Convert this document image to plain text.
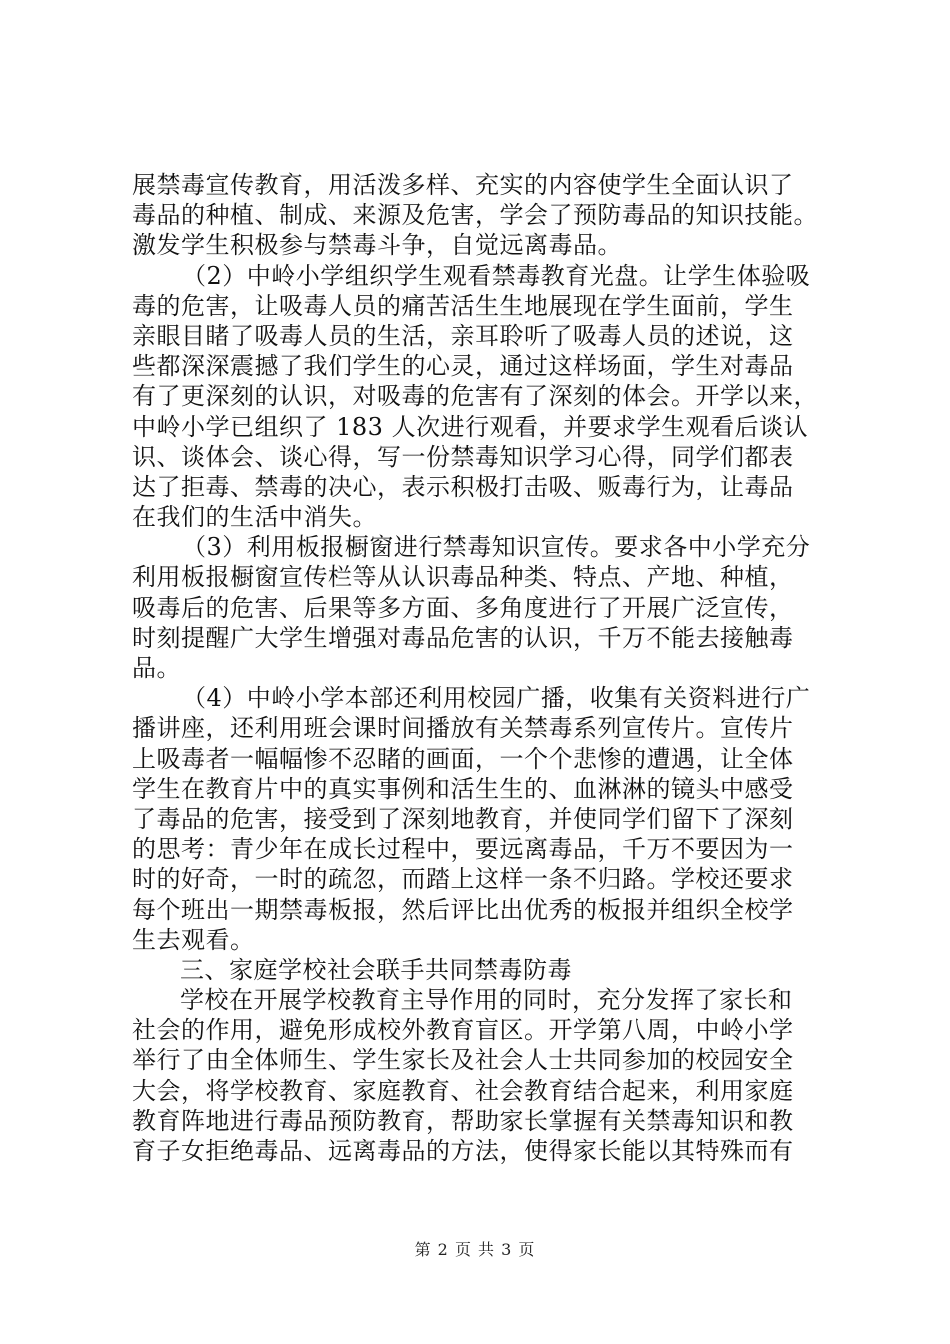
展禁毒宣传教育，用活泼多样、充实的内容使学生全面认识了
毒品的种植、制成、来源及危害，学会了预防毒品的知识技能。
激发学生积极参与禁毒斗争，自觉远离毒品。
（2）中岭小学组织学生观看禁毒教育光盘。让学生体验吸
毒的危害，让吸毒人员的痛苦活生生地展现在学生面前，学生
亲眼目睹了吸毒人员的生活，亲耳聆听了吸毒人员的述说，这
些都深深震撼了我们学生的心灵，通过这样场面，学生对毒品
有了更深刻的认识，对吸毒的危害有了深刻的体会。开学以来，
中岭小学已组织了 183 人次进行观看，并要求学生观看后谈认
识、谈体会、谈心得，写一份禁毒知识学习心得，同学们都表
达了拒毒、禁毒的决心，表示积极打击吸、贩毒行为，让毒品
在我们的生活中消失。
（3）利用板报橱窗进行禁毒知识宣传。要求各中小学充分
利用板报橱窗宣传栏等从认识毒品种类、特点、产地、种植，
吸毒后的危害、后果等多方面、多角度进行了开展广泛宣传，
时刻提醒广大学生增强对毒品危害的认识，千万不能去接触毒
品。
（4）中岭小学本部还利用校园广播，收集有关资料进行广
播讲座，还利用班会课时间播放有关禁毒系列宣传片。宣传片
上吸毒者一幅幅惨不忍睹的画面，一个个悲惨的遭遇，让全体
学生在教育片中的真实事例和活生生的、血淋淋的镜头中感受
了毒品的危害，接受到了深刻地教育，并使同学们留下了深刻
的思考：青少年在成长过程中，要远离毒品，千万不要因为一
时的好奇，一时的疏忽，而踏上这样一条不归路。学校还要求
每个班出一期禁毒板报，然后评比出优秀的板报并组织全校学
生去观看。
三、家庭学校社会联手共同禁毒防毒
学校在开展学校教育主导作用的同时，充分发挥了家长和
社会的作用，避免形成校外教育盲区。开学第八周，中岭小学
举行了由全体师生、学生家长及社会人士共同参加的校园安全
大会，将学校教育、家庭教育、社会教育结合起来，利用家庭
教育阵地进行毒品预防教育，帮助家长掌握有关禁毒知识和教
育子女拒绝毒品、远离毒品的方法，使得家长能以其特殊而有
第 2 页 共 3 页
